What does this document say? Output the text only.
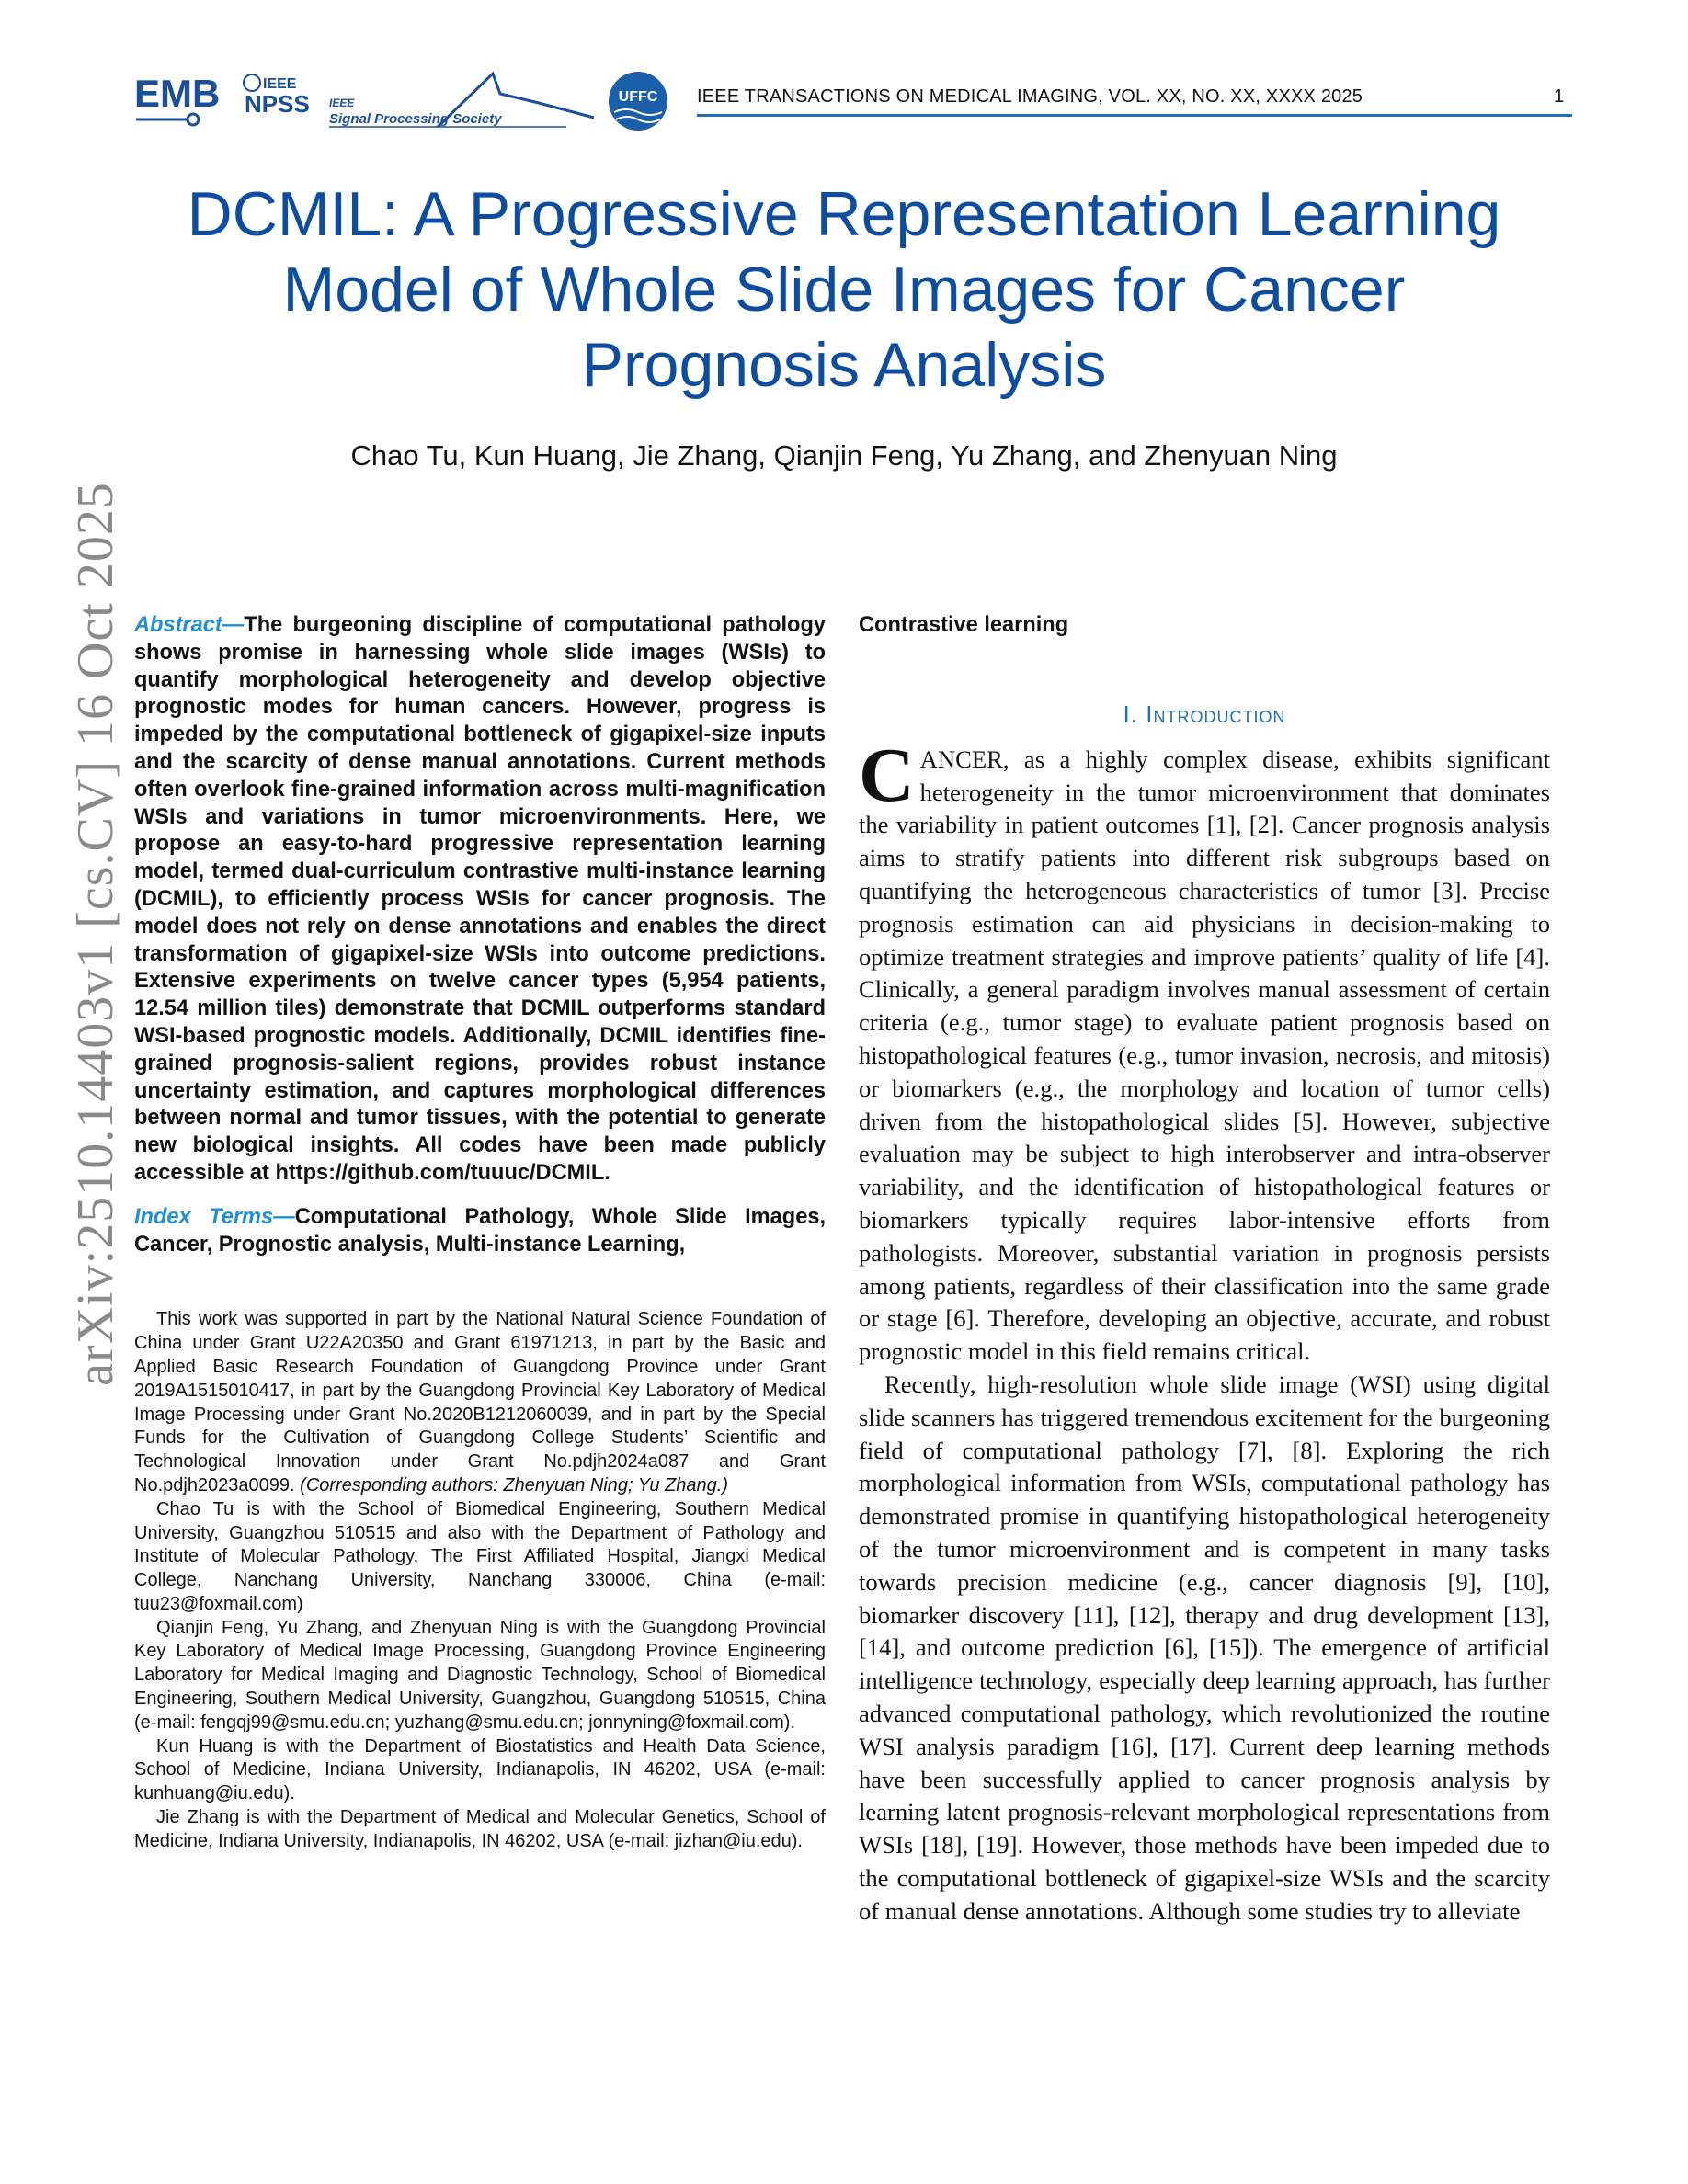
EMB	IEEE
NPSS IEEE
Signal Processing Society
UFFC IEEE TRANSACTIONS ON MEDICAL IMAGING, VOL. XX, NO. XX, XXXX 2025	1
DCMIL: A Progressive Representation Learning
Model of Whole Slide Images for Cancer
Prognosis Analysis
Chao Tu, Kun Huang, Jie Zhang, Qianjin Feng, Yu Zhang, and Zhenyuan Ning
arXiv:2510.14403v1 [cs.CV] 16 Oct 2025 Abstract—The burgeoning discipline of computational pathology shows promise in harnessing whole slide images (WSIs) to quantify morphological heterogeneity and develop objective prognostic modes for human cancers. However, progress is impeded by the computational bottleneck of gigapixel-size inputs and the scarcity of dense manual annotations. Current methods often overlook fine-grained information across multi-magnification WSIs and variations in tumor microenvironments. Here, we propose an easy-to-hard progressive representation learning model, termed dual-curriculum contrastive multi-instance learning (DCMIL), to efficiently process WSIs for cancer prognosis. The model does not rely on dense annotations and enables the direct transformation of gigapixel-size WSIs into outcome predictions. Extensive experiments on twelve cancer types (5,954 patients, 12.54 million tiles) demonstrate that DCMIL outperforms standard WSI-based prognostic models. Additionally, DCMIL identifies fine-grained prognosis-salient regions, provides robust instance uncertainty estimation, and captures morphological differences between normal and tumor tissues, with the potential to generate new biological insights. All codes have been made publicly accessible at https://github.com/tuuuc/DCMIL.

Index Terms—Computational Pathology, Whole Slide Images, Cancer, Prognostic analysis, Multi-instance Learning,

This work was supported in part by the National Natural Science Foundation of China under Grant U22A20350 and Grant 61971213, in part by the Basic and Applied Basic Research Foundation of Guangdong Province under Grant 2019A1515010417, in part by the Guangdong Provincial Key Laboratory of Medical Image Processing under Grant No.2020B1212060039, and in part by the Special Funds for the Cultivation of Guangdong College Students’ Scientific and Technological Innovation under Grant No.pdjh2024a087 and Grant No.pdjh2023a0099. (Corresponding authors: Zhenyuan Ning; Yu Zhang.)

Chao Tu is with the School of Biomedical Engineering, Southern Medical University, Guangzhou 510515 and also with the Department of Pathology and Institute of Molecular Pathology, The First Affiliated Hospital, Jiangxi Medical College, Nanchang University, Nanchang 330006, China (e-mail: tuu23@foxmail.com)

Qianjin Feng, Yu Zhang, and Zhenyuan Ning is with the Guangdong Provincial Key Laboratory of Medical Image Processing, Guangdong Province Engineering Laboratory for Medical Imaging and Diagnostic Technology, School of Biomedical Engineering, Southern Medical University, Guangzhou, Guangdong 510515, China (e-mail: fengqj99@smu.edu.cn; yuzhang@smu.edu.cn; jonnyning@foxmail.com).

Kun Huang is with the Department of Biostatistics and Health Data Science, School of Medicine, Indiana University, Indianapolis, IN 46202, USA (e-mail: kunhuang@iu.edu).

Jie Zhang is with the Department of Medical and Molecular Genetics, School of Medicine, Indiana University, Indianapolis, IN 46202, USA (e-mail: jizhan@iu.edu).

Contrastive learning

I. Introduction

CANCER, as a highly complex disease, exhibits significant heterogeneity in the tumor microenvironment that dominates the variability in patient outcomes [1], [2]. Cancer prognosis analysis aims to stratify patients into different risk subgroups based on quantifying the heterogeneous characteristics of tumor [3]. Precise prognosis estimation can aid physicians in decision-making to optimize treatment strategies and improve patients’ quality of life [4]. Clinically, a general paradigm involves manual assessment of certain criteria (e.g., tumor stage) to evaluate patient prognosis based on histopathological features (e.g., tumor invasion, necrosis, and mitosis) or biomarkers (e.g., the morphology and location of tumor cells) driven from the histopathological slides [5]. However, subjective evaluation may be subject to high interobserver and intra-observer variability, and the identification of histopathological features or biomarkers typically requires labor-intensive efforts from pathologists. Moreover, substantial variation in prognosis persists among patients, regardless of their classification into the same grade or stage [6]. Therefore, developing an objective, accurate, and robust prognostic model in this field remains critical.

Recently, high-resolution whole slide image (WSI) using digital slide scanners has triggered tremendous excitement for the burgeoning field of computational pathology [7], [8]. Exploring the rich morphological information from WSIs, computational pathology has demonstrated promise in quantifying histopathological heterogeneity of the tumor microenvironment and is competent in many tasks towards precision medicine (e.g., cancer diagnosis [9], [10], biomarker discovery [11], [12], therapy and drug development [13], [14], and outcome prediction [6], [15]). The emergence of artificial intelligence technology, especially deep learning approach, has further advanced computational pathology, which revolutionized the routine WSI analysis paradigm [16], [17]. Current deep learning methods have been successfully applied to cancer prognosis analysis by learning latent prognosis-relevant morphological representations from WSIs [18], [19]. However, those methods have been impeded due to the computational bottleneck of gigapixel-size WSIs and the scarcity of manual dense annotations. Although some studies try to alleviate
